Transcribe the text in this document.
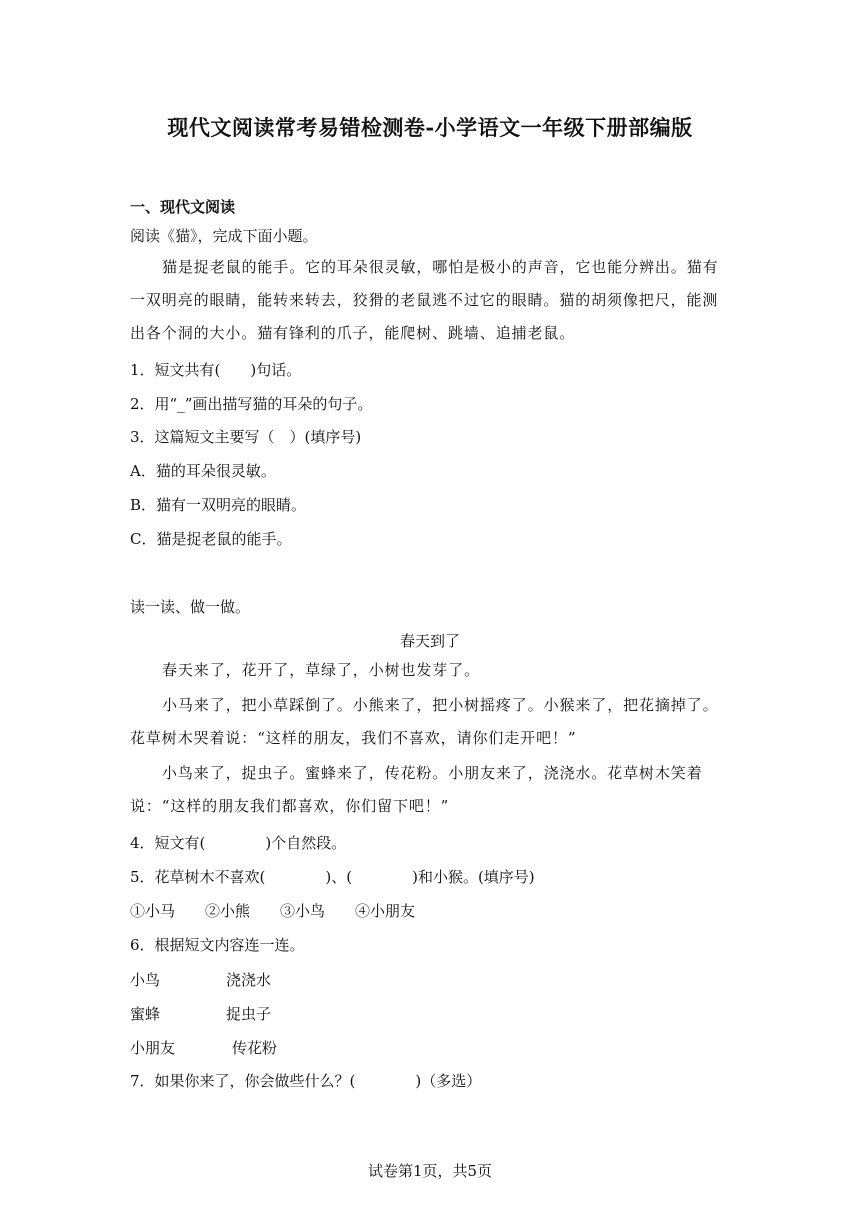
现代文阅读常考易错检测卷-小学语文一年级下册部编版
一、现代文阅读
阅读《猫》，完成下面小题。
猫是捉老鼠的能手。它的耳朵很灵敏，哪怕是极小的声音，它也能分辨出。猫有一双明亮的眼睛，能转来转去，狡猾的老鼠逃不过它的眼睛。猫的胡须像把尺，能测出各个洞的大小。猫有锋利的爪子，能爬树、跳墙、追捕老鼠。
1．短文共有(　　)句话。
2．用“_”画出描写猫的耳朵的句子。
3．这篇短文主要写（　）(填序号)
A．猫的耳朵很灵敏。
B．猫有一双明亮的眼睛。
C．猫是捉老鼠的能手。
读一读、做一做。
春天到了
春天来了，花开了，草绿了，小树也发芽了。
小马来了，把小草踩倒了。小熊来了，把小树摇疼了。小猴来了，把花摘掉了。花草树木哭着说：“这样的朋友，我们不喜欢，请你们走开吧！”
小鸟来了，捉虫子。蜜蜂来了，传花粉。小朋友来了，浇浇水。花草树木笑着说：“这样的朋友我们都喜欢，你们留下吧！”
4．短文有(　　　　)个自然段。
5．花草树木不喜欢(　　　　)、(　　　　)和小猴。(填序号)
①小马　　②小熊　　③小鸟　　④小朋友
6．根据短文内容连一连。
小鸟	浇浇水
蜜蜂	捉虫子
小朋友	传花粉
7．如果你来了，你会做些什么？(　　　　)（多选）
试卷第1页，共5页
